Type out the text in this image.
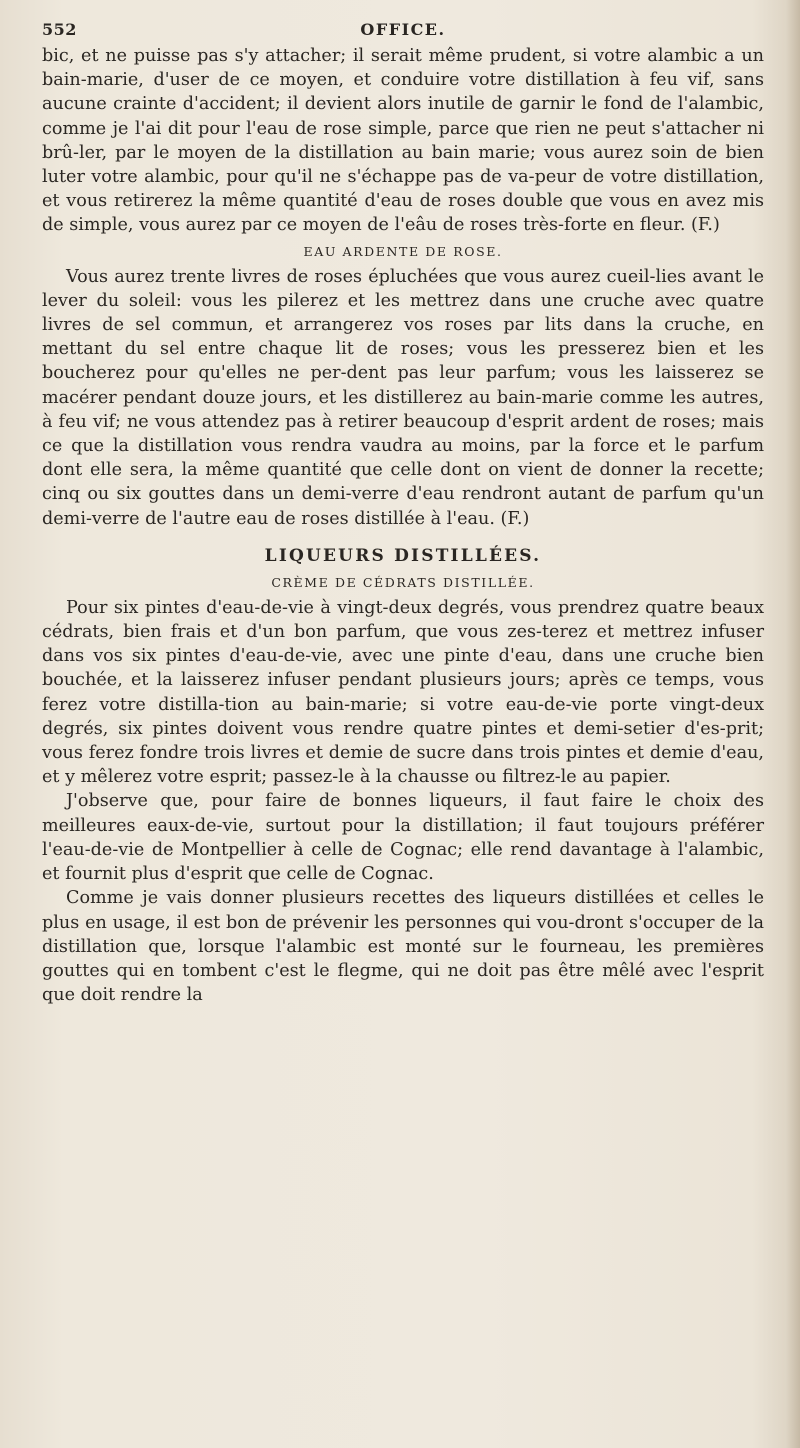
552	OFFICE.

bic, et ne puisse pas s'y attacher; il serait même prudent, si votre alambic a un bain-marie, d'user de ce moyen, et conduire votre distillation à feu vif, sans aucune crainte d'accident; il devient alors inutile de garnir le fond de l'alambic, comme je l'ai dit pour l'eau de rose simple, parce que rien ne peut s'attacher ni brû-ler, par le moyen de la distillation au bain marie; vous aurez soin de bien luter votre alambic, pour qu'il ne s'échappe pas de va-peur de votre distillation, et vous retirerez la même quantité d'eau de roses double que vous en avez mis de simple, vous aurez par ce moyen de l'eâu de roses très-forte en fleur. (F.)

EAU ARDENTE DE ROSE.

Vous aurez trente livres de roses épluchées que vous aurez cueil-lies avant le lever du soleil: vous les pilerez et les mettrez dans une cruche avec quatre livres de sel commun, et arrangerez vos roses par lits dans la cruche, en mettant du sel entre chaque lit de roses; vous les presserez bien et les boucherez pour qu'elles ne per-dent pas leur parfum; vous les laisserez se macérer pendant douze jours, et les distillerez au bain-marie comme les autres, à feu vif; ne vous attendez pas à retirer beaucoup d'esprit ardent de roses; mais ce que la distillation vous rendra vaudra au moins, par la force et le parfum dont elle sera, la même quantité que celle dont on vient de donner la recette; cinq ou six gouttes dans un demi-verre d'eau rendront autant de parfum qu'un demi-verre de l'autre eau de roses distillée à l'eau. (F.)

LIQUEURS DISTILLÉES.
CRÈME DE CÉDRATS DISTILLÉE.

Pour six pintes d'eau-de-vie à vingt-deux degrés, vous prendrez quatre beaux cédrats, bien frais et d'un bon parfum, que vous zes-terez et mettrez infuser dans vos six pintes d'eau-de-vie, avec une pinte d'eau, dans une cruche bien bouchée, et la laisserez infuser pendant plusieurs jours; après ce temps, vous ferez votre distilla-tion au bain-marie; si votre eau-de-vie porte vingt-deux degrés, six pintes doivent vous rendre quatre pintes et demi-setier d'es-prit; vous ferez fondre trois livres et demie de sucre dans trois pintes et demie d'eau, et y mêlerez votre esprit; passez-le à la chausse ou filtrez-le au papier.

J'observe que, pour faire de bonnes liqueurs, il faut faire le choix des meilleures eaux-de-vie, surtout pour la distillation; il faut toujours préférer l'eau-de-vie de Montpellier à celle de Cognac; elle rend davantage à l'alambic, et fournit plus d'esprit que celle de Cognac.

Comme je vais donner plusieurs recettes des liqueurs distillées et celles le plus en usage, il est bon de prévenir les personnes qui vou-dront s'occuper de la distillation que, lorsque l'alambic est monté sur le fourneau, les premières gouttes qui en tombent c'est le flegme, qui ne doit pas être mêlé avec l'esprit que doit rendre la
